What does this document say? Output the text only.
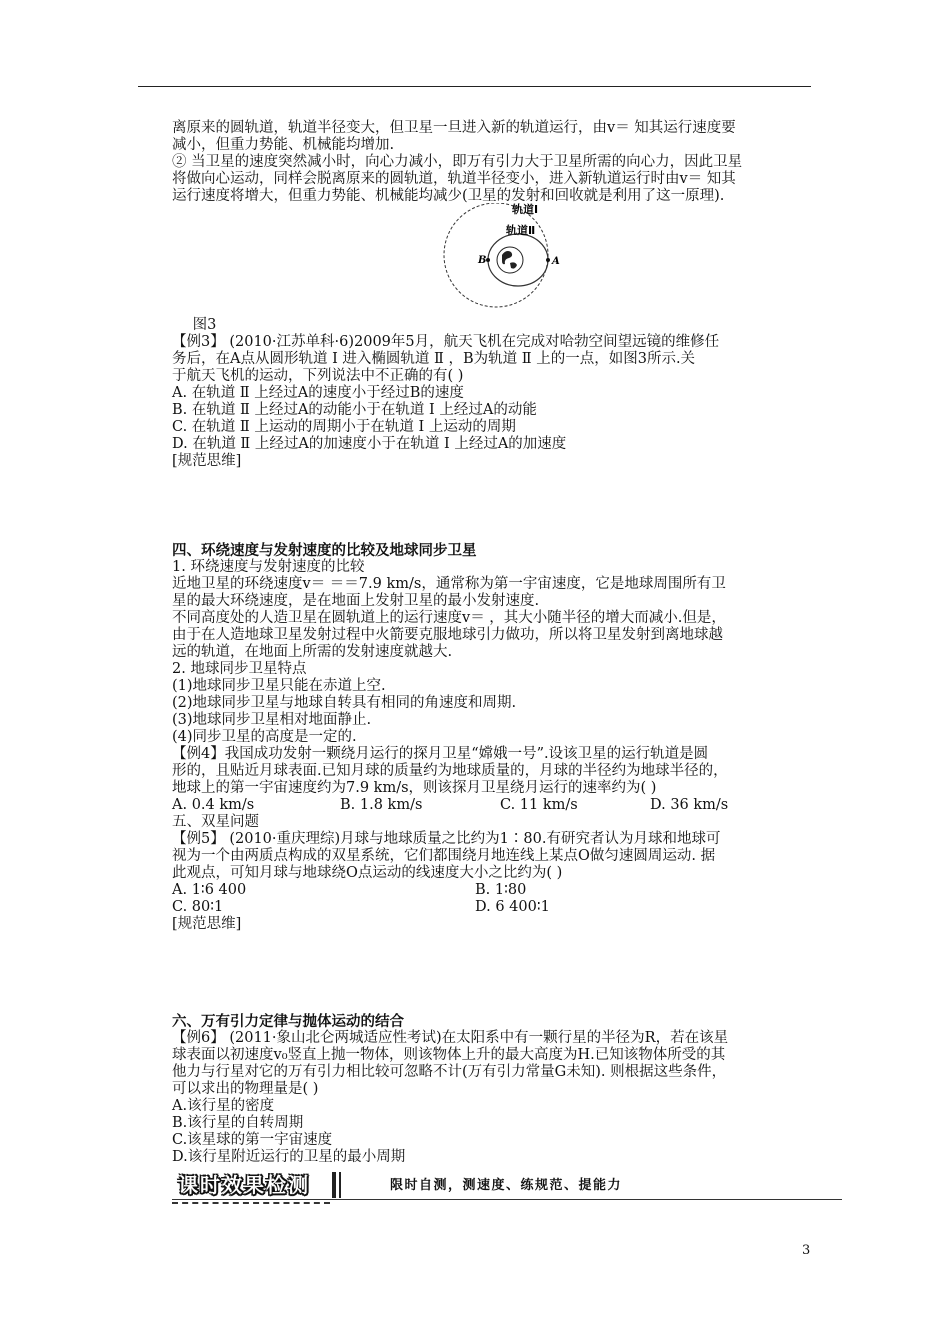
离原来的圆轨道，轨道半径变大，但卫星一旦进入新的轨道运行，由v＝ 知其运行速度要

减小，但重力势能、机械能均增加.

② 当卫星的速度突然减小时，向心力减小，即万有引力大于卫星所需的向心力，因此卫星

将做向心运动，同样会脱离原来的圆轨道，轨道半径变小，进入新轨道运行时由v＝ 知其

运行速度将增大，但重力势能、机械能均减少(卫星的发射和回收就是利用了这一原理).

轨道Ⅰ
轨道Ⅱ
A
B

图3

【例3】 (2010·江苏单科·6)2009年5月，航天飞机在完成对哈勃空间望远镜的维修任

务后，在A点从圆形轨道 Ⅰ 进入椭圆轨道 Ⅱ ，B为轨道 Ⅱ 上的一点，如图3所示.关

于航天飞机的运动，下列说法中不正确的有( )

A. 在轨道 Ⅱ 上经过A的速度小于经过B的速度

B. 在轨道 Ⅱ 上经过A的动能小于在轨道 Ⅰ 上经过A的动能

C. 在轨道 Ⅱ 上运动的周期小于在轨道 Ⅰ 上运动的周期

D. 在轨道 Ⅱ 上经过A的加速度小于在轨道 Ⅰ 上经过A的加速度

[规范思维]

四、环绕速度与发射速度的比较及地球同步卫星

1. 环绕速度与发射速度的比较

近地卫星的环绕速度v＝ ＝＝7.9 km/s，通常称为第一宇宙速度，它是地球周围所有卫

星的最大环绕速度，是在地面上发射卫星的最小发射速度.

不同高度处的人造卫星在圆轨道上的运行速度v＝ ，其大小随半径的增大而减小.但是，

由于在人造地球卫星发射过程中火箭要克服地球引力做功，所以将卫星发射到离地球越

远的轨道，在地面上所需的发射速度就越大.

2. 地球同步卫星特点

(1)地球同步卫星只能在赤道上空.

(2)地球同步卫星与地球自转具有相同的角速度和周期.

(3)地球同步卫星相对地面静止.

(4)同步卫星的高度是一定的.

【例4】我国成功发射一颗绕月运行的探月卫星“嫦娥一号”.设该卫星的运行轨道是圆

形的，且贴近月球表面.已知月球的质量约为地球质量的，月球的半径约为地球半径的，

地球上的第一宇宙速度约为7.9 km/s，则该探月卫星绕月运行的速率约为( )

A. 0.4 km/s	B. 1.8 km/s	C. 11 km/s	D. 36 km/s

五、双星问题

【例5】 (2010·重庆理综)月球与地球质量之比约为1∶80.有研究者认为月球和地球可

视为一个由两质点构成的双星系统，它们都围绕月地连线上某点O做匀速圆周运动. 据

此观点，可知月球与地球绕O点运动的线速度大小之比约为( )

A. 1∶6 400	B. 1∶80

C. 80∶1	D. 6 400∶1

[规范思维]

六、万有引力定律与抛体运动的结合

【例6】 (2011·象山北仑两城适应性考试)在太阳系中有一颗行星的半径为R，若在该星

球表面以初速度v₀竖直上抛一物体，则该物体上升的最大高度为H.已知该物体所受的其

他力与行星对它的万有引力相比较可忽略不计(万有引力常量G未知). 则根据这些条件，

可以求出的物理量是( )

A.该行星的密度

B.该行星的自转周期

C.该星球的第一宇宙速度

D.该行星附近运行的卫星的最小周期

课时效果检测	限时自测，测速度、练规范、提能力
3
